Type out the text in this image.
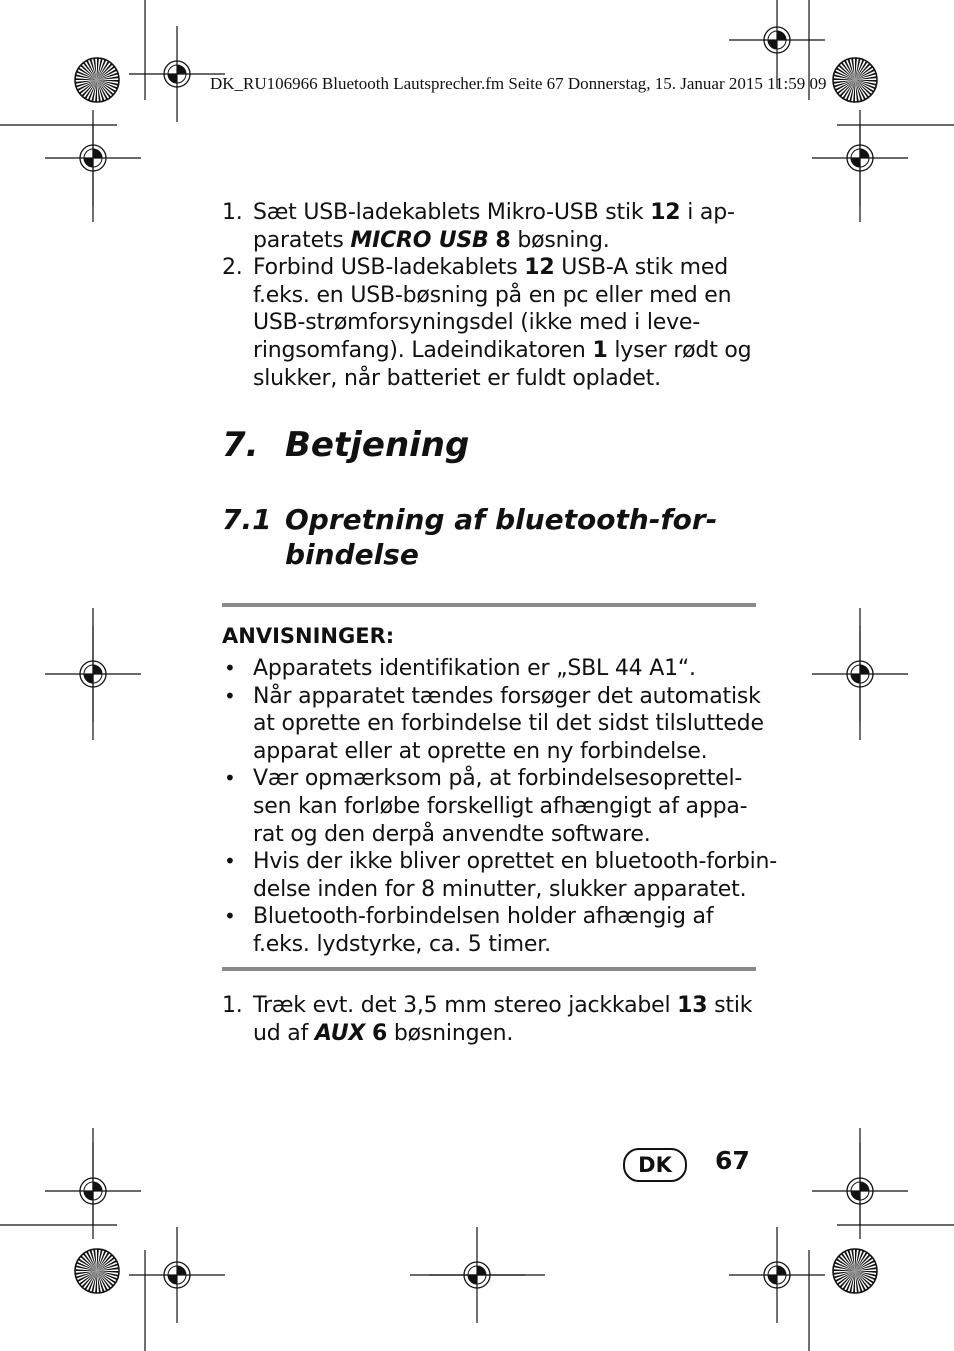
DK_RU106966 Bluetooth Lautsprecher.fm Seite 67 Donnerstag, 15. Januar 2015 11:59 09
1. Sæt USB-ladekablets Mikro-USB stik 12 i ap-
paratets MICRO USB 8 bøsning.
2. Forbind USB-ladekablets 12 USB-A stik med
f.eks. en USB-bøsning på en pc eller med en
USB-strømforsyningsdel (ikke med i leve-
ringsomfang). Ladeindikatoren 1 lyser rødt og
slukker, når batteriet er fuldt opladet.
7. Betjening
7.1 Opretning af bluetooth-for-
bindelse
ANVISNINGER:
• Apparatets identifikation er „SBL 44 A1“.
• Når apparatet tændes forsøger det automatisk
at oprette en forbindelse til det sidst tilsluttede
apparat eller at oprette en ny forbindelse.
• Vær opmærksom på, at forbindelsesoprettel-
sen kan forløbe forskelligt afhængigt af appa-
rat og den derpå anvendte software.
• Hvis der ikke bliver oprettet en bluetooth-forbin-
delse inden for 8 minutter, slukker apparatet.
• Bluetooth-forbindelsen holder afhængig af
f.eks. lydstyrke, ca. 5 timer.
1. Træk evt. det 3,5 mm stereo jackkabel 13 stik
ud af AUX 6 bøsningen.
DK	67
